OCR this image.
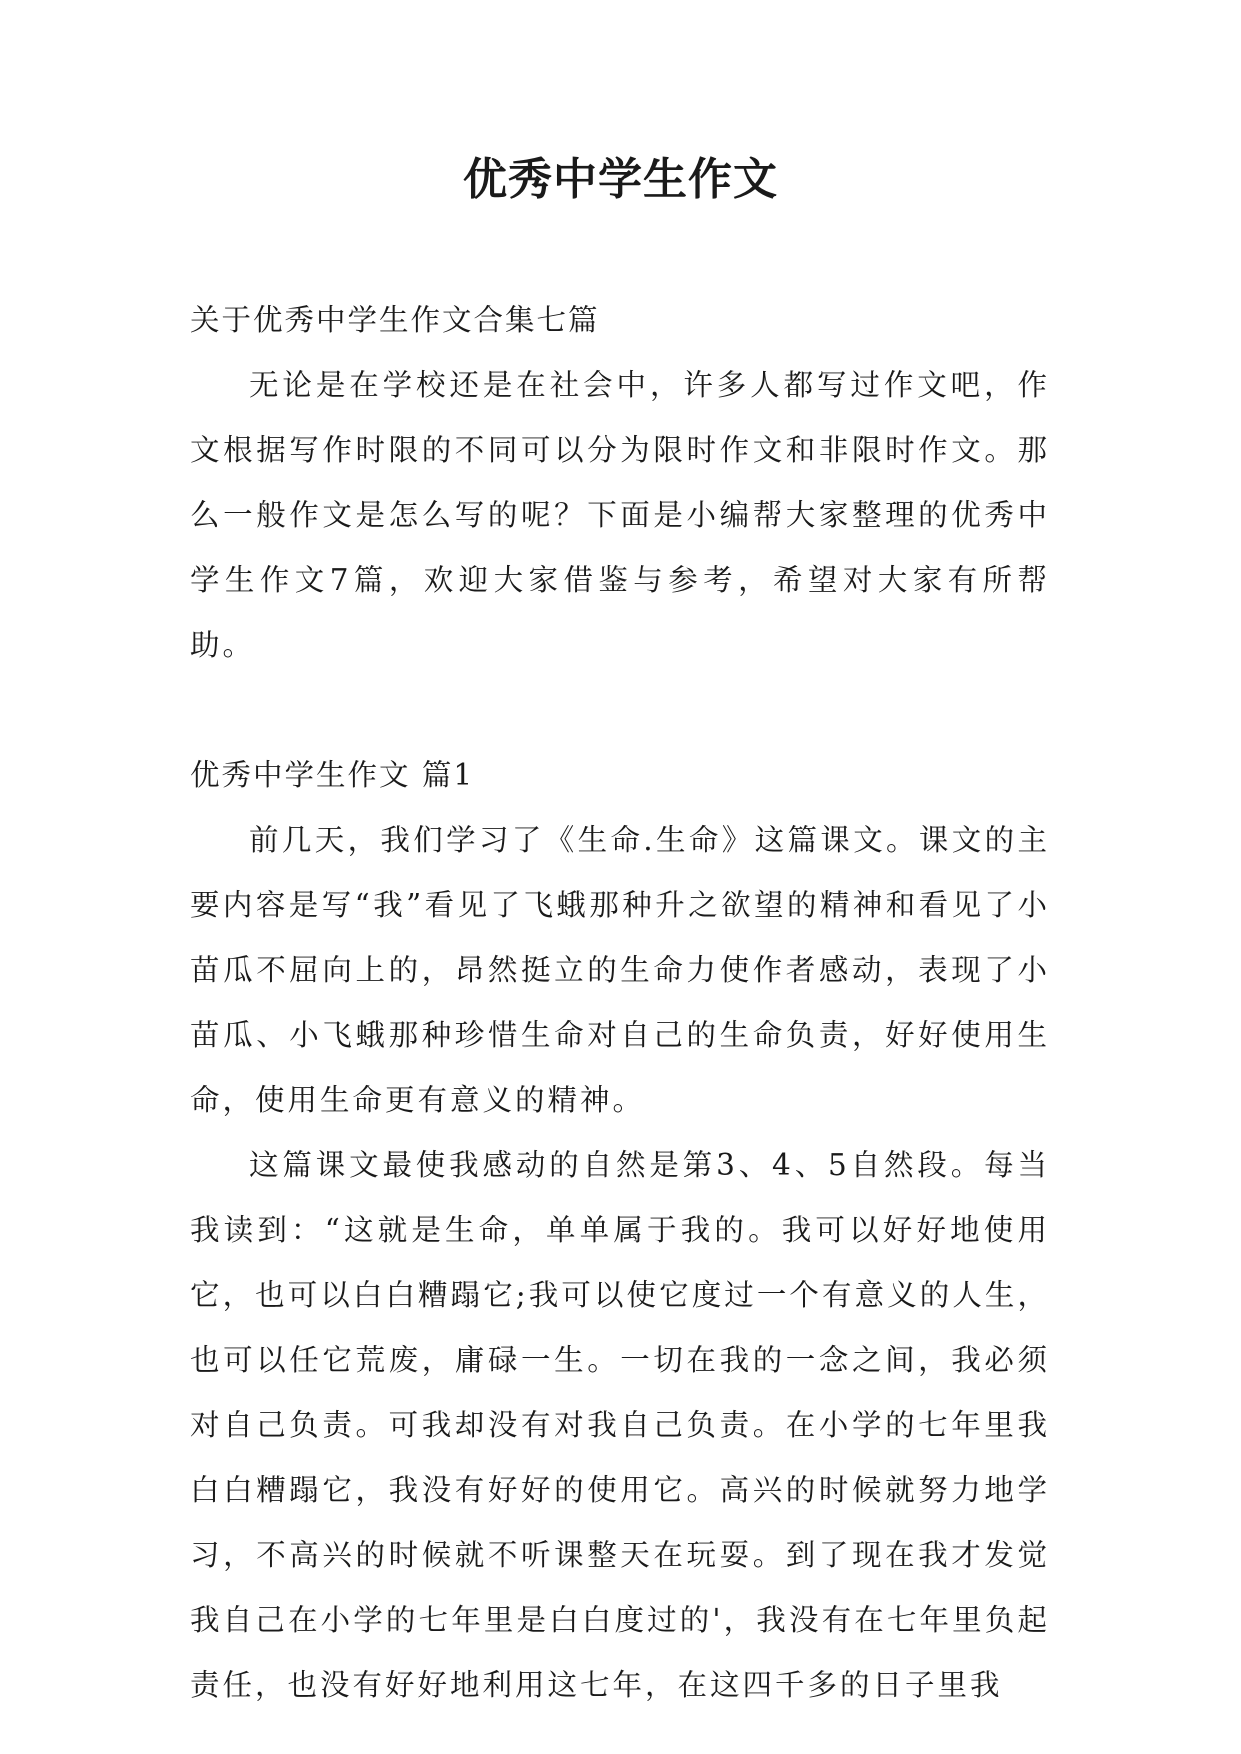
优秀中学生作文

关于优秀中学生作文合集七篇

无论是在学校还是在社会中，许多人都写过作文吧，作文根据写作时限的不同可以分为限时作文和非限时作文。那么一般作文是怎么写的呢？下面是小编帮大家整理的优秀中学生作文7篇，欢迎大家借鉴与参考，希望对大家有所帮助。

优秀中学生作文 篇1

前几天，我们学习了《生命.生命》这篇课文。课文的主要内容是写“我”看见了飞蛾那种升之欲望的精神和看见了小苗瓜不屈向上的，昂然挺立的生命力使作者感动，表现了小苗瓜、小飞蛾那种珍惜生命对自己的生命负责，好好使用生命，使用生命更有意义的精神。

这篇课文最使我感动的自然是第3、4、5自然段。每当我读到：“这就是生命，单单属于我的。我可以好好地使用它，也可以白白糟蹋它;我可以使它度过一个有意义的人生，也可以任它荒废，庸碌一生。一切在我的一念之间，我必须对自己负责。可我却没有对我自己负责。在小学的七年里我白白糟蹋它，我没有好好的使用它。高兴的时候就努力地学习，不高兴的时候就不听课整天在玩耍。到了现在我才发觉我自己在小学的七年里是白白度过的'，我没有在七年里负起责任，也没有好好地利用这七年，在这四千多的日子里我
